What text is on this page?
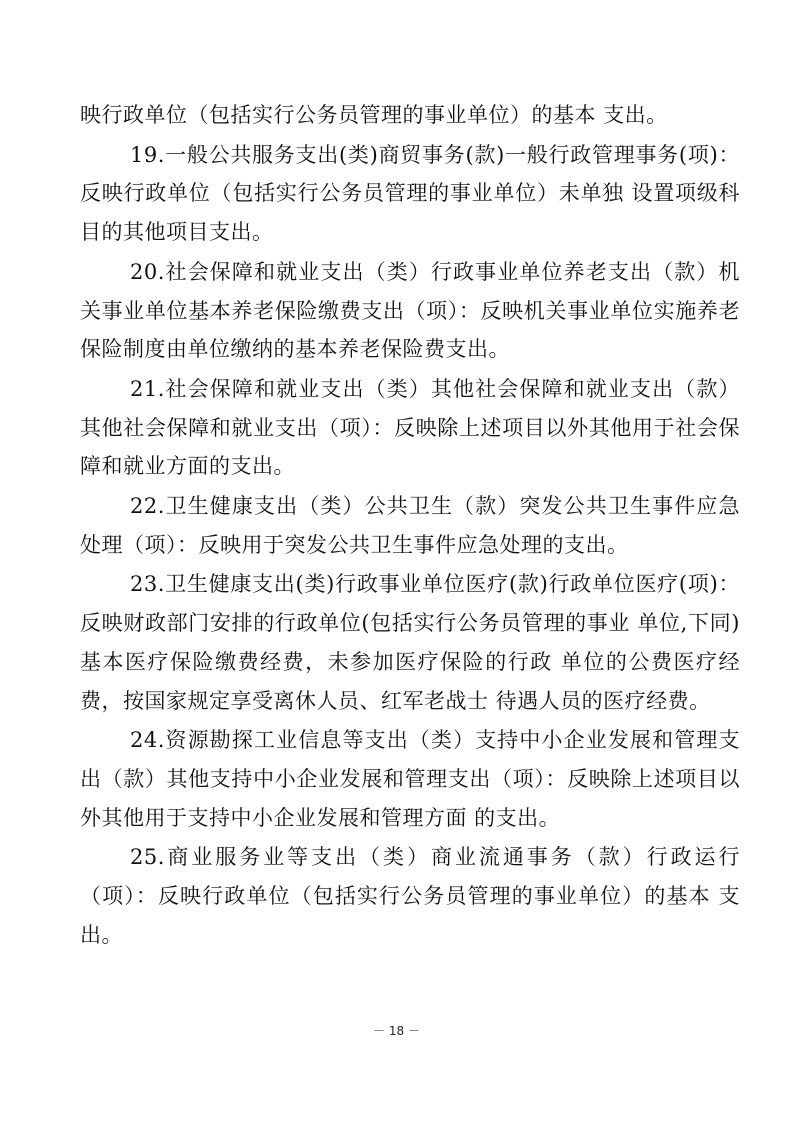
映行政单位（包括实行公务员管理的事业单位）的基本 支出。

19.一般公共服务支出(类)商贸事务(款)一般行政管理事务(项)：反映行政单位（包括实行公务员管理的事业单位）未单独 设置项级科目的其他项目支出。

20.社会保障和就业支出（类）行政事业单位养老支出（款）机关事业单位基本养老保险缴费支出（项）：反映机关事业单位实施养老保险制度由单位缴纳的基本养老保险费支出。

21.社会保障和就业支出（类）其他社会保障和就业支出（款）其他社会保障和就业支出（项）：反映除上述项目以外其他用于社会保障和就业方面的支出。

22.卫生健康支出（类）公共卫生（款）突发公共卫生事件应急处理（项）：反映用于突发公共卫生事件应急处理的支出。

23.卫生健康支出(类)行政事业单位医疗(款)行政单位医疗(项)：反映财政部门安排的行政单位(包括实行公务员管理的事业 单位,下同)基本医疗保险缴费经费，未参加医疗保险的行政 单位的公费医疗经费，按国家规定享受离休人员、红军老战士 待遇人员的医疗经费。

24.资源勘探工业信息等支出（类）支持中小企业发展和管理支出（款）其他支持中小企业发展和管理支出（项）：反映除上述项目以外其他用于支持中小企业发展和管理方面 的支出。

25.商业服务业等支出（类）商业流通事务（款）行政运行（项）：反映行政单位（包括实行公务员管理的事业单位）的基本 支出。

－ 18 －
